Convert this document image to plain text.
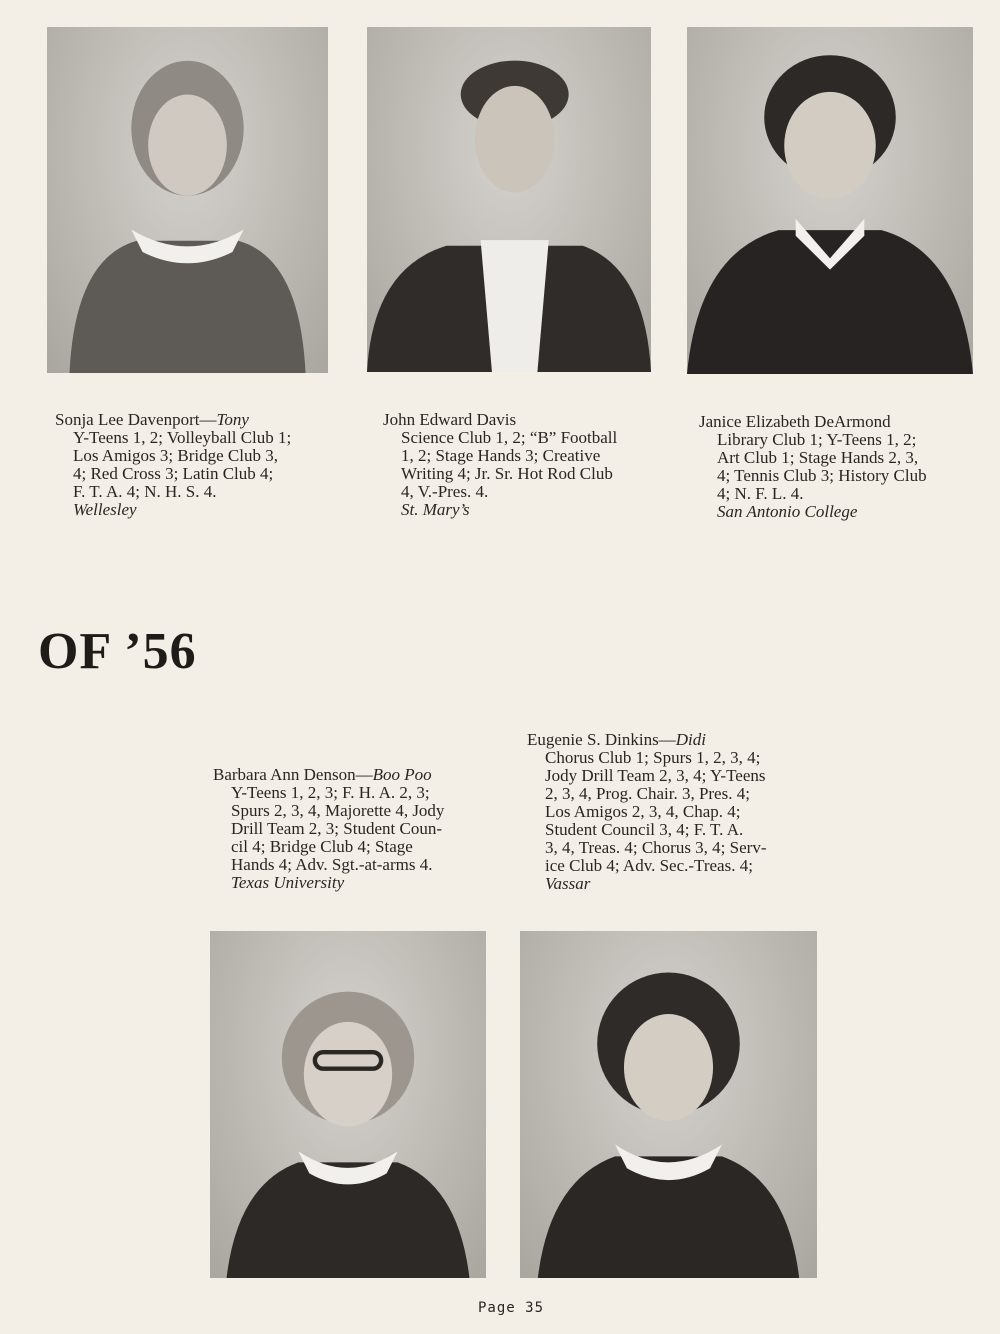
Sonja Lee Davenport—Tony
Y-Teens 1, 2; Volleyball Club 1;
Los Amigos 3; Bridge Club 3,
4; Red Cross 3; Latin Club 4;
F. T. A. 4; N. H. S. 4.
Wellesley
John Edward Davis
Science Club 1, 2; “B” Football
1, 2; Stage Hands 3; Creative
Writing 4; Jr. Sr. Hot Rod Club
4, V.-Pres. 4.
St. Mary’s
Janice Elizabeth DeArmond
Library Club 1; Y-Teens 1, 2;
Art Club 1; Stage Hands 2, 3,
4; Tennis Club 3; History Club
4; N. F. L. 4.
San Antonio College
OF ’56
Barbara Ann Denson—Boo Poo
Y-Teens 1, 2, 3; F. H. A. 2, 3;
Spurs 2, 3, 4, Majorette 4, Jody
Drill Team 2, 3; Student Coun-
cil 4; Bridge Club 4; Stage
Hands 4; Adv. Sgt.-at-arms 4.
Texas University
Eugenie S. Dinkins—Didi
Chorus Club 1; Spurs 1, 2, 3, 4;
Jody Drill Team 2, 3, 4; Y-Teens
2, 3, 4, Prog. Chair. 3, Pres. 4;
Los Amigos 2, 3, 4, Chap. 4;
Student Council 3, 4; F. T. A.
3, 4, Treas. 4; Chorus 3, 4; Serv-
ice Club 4; Adv. Sec.-Treas. 4;
Vassar
Page 35
